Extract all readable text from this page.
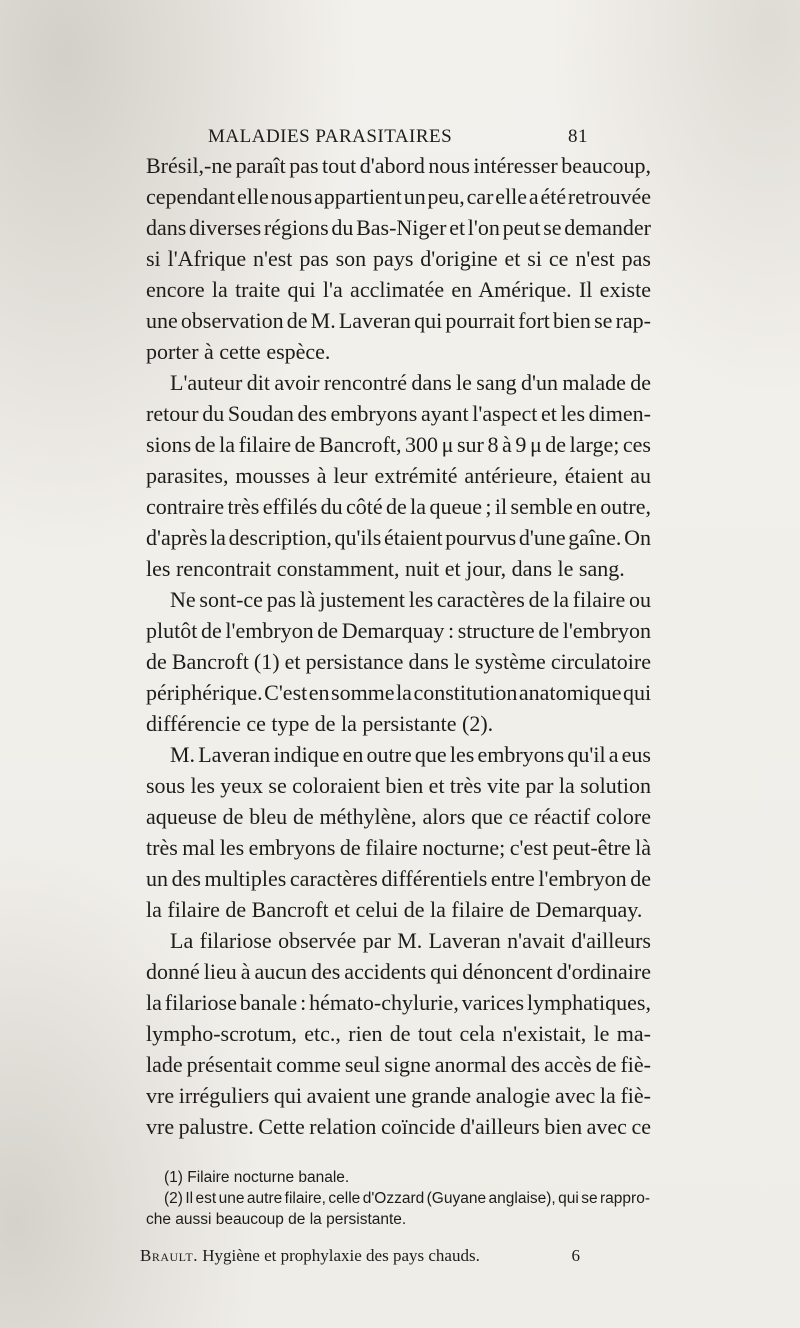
MALADIES PARASITAIRES	81
Brésil,-ne paraît pas tout d'abord nous intéresser beaucoup,
cependant elle nous appartient un peu, car elle a été retrouvée
dans diverses régions du Bas-Niger et l'on peut se demander
si l'Afrique n'est pas son pays d'origine et si ce n'est pas
encore la traite qui l'a acclimatée en Amérique. Il existe
une observation de M. Laveran qui pourrait fort bien se rap-
porter à cette espèce.
L'auteur dit avoir rencontré dans le sang d'un malade de
retour du Soudan des embryons ayant l'aspect et les dimen-
sions de la filaire de Bancroft, 300 μ sur 8 à 9 μ de large; ces
parasites, mousses à leur extrémité antérieure, étaient au
contraire très effilés du côté de la queue ; il semble en outre,
d'après la description, qu'ils étaient pourvus d'une gaîne. On
les rencontrait constamment, nuit et jour, dans le sang.
Ne sont-ce pas là justement les caractères de la filaire ou
plutôt de l'embryon de Demarquay : structure de l'embryon
de Bancroft (1) et persistance dans le système circulatoire
périphérique. C'est en somme la constitution anatomique qui
différencie ce type de la persistante (2).
M. Laveran indique en outre que les embryons qu'il a eus
sous les yeux se coloraient bien et très vite par la solution
aqueuse de bleu de méthylène, alors que ce réactif colore
très mal les embryons de filaire nocturne; c'est peut-être là
un des multiples caractères différentiels entre l'embryon de
la filaire de Bancroft et celui de la filaire de Demarquay.
La filariose observée par M. Laveran n'avait d'ailleurs
donné lieu à aucun des accidents qui dénoncent d'ordinaire
la filariose banale : hémato-chylurie, varices lymphatiques,
lympho-scrotum, etc., rien de tout cela n'existait, le ma-
lade présentait comme seul signe anormal des accès de fiè-
vre irréguliers qui avaient une grande analogie avec la fiè-
vre palustre. Cette relation coïncide d'ailleurs bien avec ce
(1) Filaire nocturne banale.
(2) Il est une autre filaire, celle d'Ozzard (Guyane anglaise), qui se rappro-
che aussi beaucoup de la persistante.
Brault. Hygiène et prophylaxie des pays chauds.	6
